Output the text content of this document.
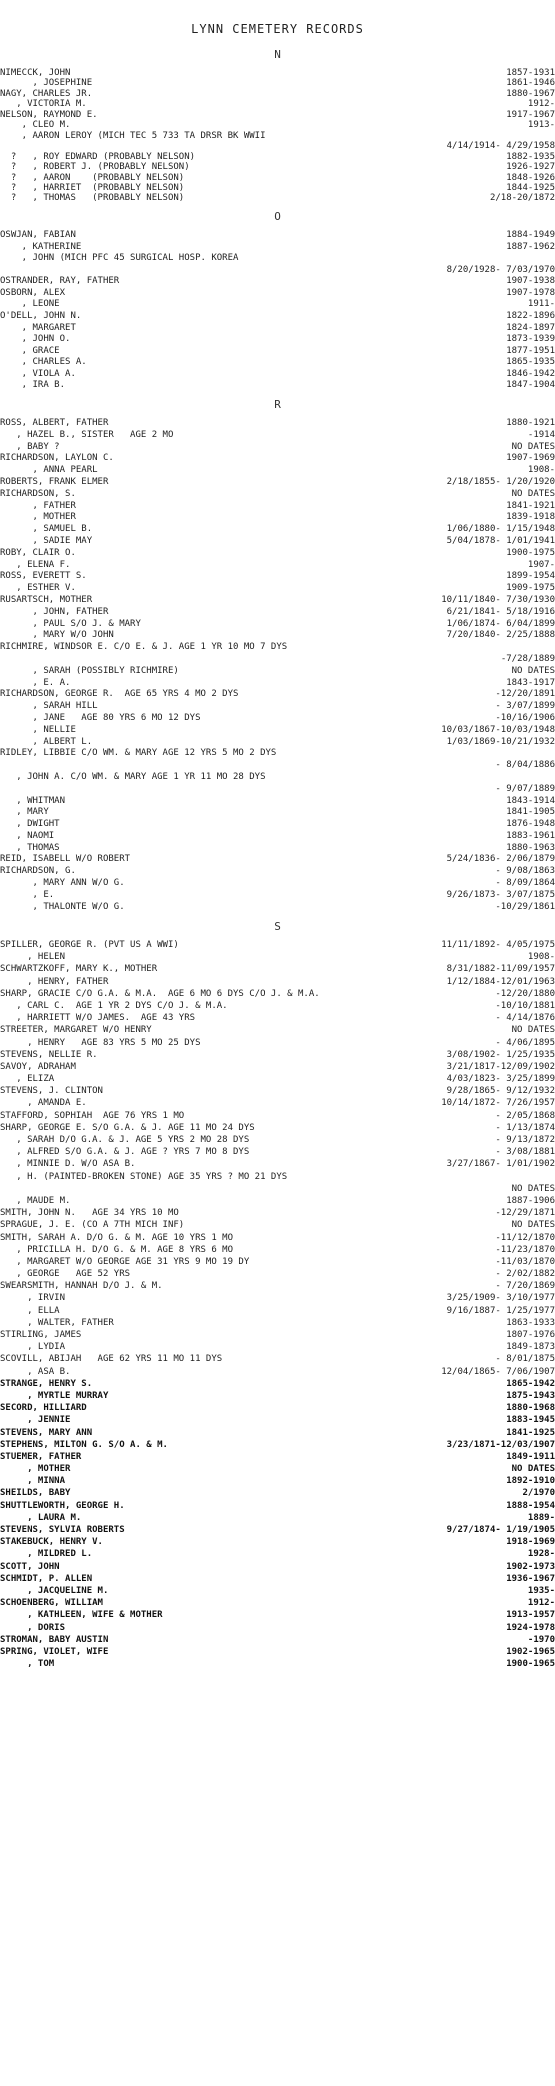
LYNN CEMETERY RECORDS
N
NIMECCK, JOHN	1857-1931
, JOSEPHINE	1861-1946
NAGY, CHARLES JR.	1880-1967
, VICTORIA M.	1912-
NELSON, RAYMOND E.	1917-1967
, CLEO M.	1913-
, AARON LEROY (MICH TEC 5 733 TA DRSR BK WWII
4/14/1914- 4/29/1958
?   , ROY EDWARD (PROBABLY NELSON)	1882-1935
?   , ROBERT J. (PROBABLY NELSON)	1926-1927
?   , AARON    (PROBABLY NELSON)	1848-1926
?   , HARRIET  (PROBABLY NELSON)	1844-1925
?   , THOMAS   (PROBABLY NELSON)	2/18-20/1872
O
OSWJAN, FABIAN	1884-1949
, KATHERINE	1887-1962
, JOHN (MICH PFC 45 SURGICAL HOSP. KOREA
8/20/1928- 7/03/1970
OSTRANDER, RAY, FATHER	1907-1938
OSBORN, ALEX	1907-1978
, LEONE	1911-
O'DELL, JOHN N.	1822-1896
, MARGARET	1824-1897
, JOHN O.	1873-1939
, GRACE	1877-1951
, CHARLES A.	1865-1935
, VIOLA A.	1846-1942
, IRA B.	1847-1904
R
ROSS, ALBERT, FATHER	1880-1921
, HAZEL B., SISTER   AGE 2 MO	-1914
, BABY ?	NO DATES
RICHARDSON, LAYLON C.	1907-1969
, ANNA PEARL	1908-
ROBERTS, FRANK ELMER	2/18/1855- 1/20/1920
RICHARDSON, S.	NO DATES
, FATHER	1841-1921
, MOTHER	1839-1918
, SAMUEL B.	1/06/1880- 1/15/1948
, SADIE MAY	5/04/1878- 1/01/1941
ROBY, CLAIR O.	1900-1975
, ELENA F.	1907-
ROSS, EVERETT S.	1899-1954
, ESTHER V.	1909-1975
RUSARTSCH, MOTHER	10/11/1840- 7/30/1930
, JOHN, FATHER	6/21/1841- 5/18/1916
, PAUL S/O J. & MARY	1/06/1874- 6/04/1899
, MARY W/O JOHN	7/20/1840- 2/25/1888
RICHMIRE, WINDSOR E. C/O E. & J. AGE 1 YR 10 MO 7 DYS
-7/28/1889
, SARAH (POSSIBLY RICHMIRE)	NO DATES
, E. A.	1843-1917
RICHARDSON, GEORGE R.  AGE 65 YRS 4 MO 2 DYS	-12/20/1891
, SARAH HILL	- 3/07/1899
, JANE   AGE 80 YRS 6 MO 12 DYS	-10/16/1906
, NELLIE	10/03/1867-10/03/1948
, ALBERT L.	1/03/1869-10/21/1932
RIDLEY, LIBBIE C/O WM. & MARY AGE 12 YRS 5 MO 2 DYS
- 8/04/1886
, JOHN A. C/O WM. & MARY AGE 1 YR 11 MO 28 DYS
- 9/07/1889
, WHITMAN	1843-1914
, MARY	1841-1905
, DWIGHT	1876-1948
, NAOMI	1883-1961
, THOMAS	1880-1963
REID, ISABELL W/O ROBERT	5/24/1836- 2/06/1879
RICHARDSON, G.	- 9/08/1863
, MARY ANN W/O G.	- 8/09/1864
, E.	9/26/1873- 3/07/1875
, THALONTE W/O G.	-10/29/1861
S
SPILLER, GEORGE R. (PVT US A WWI)	11/11/1892- 4/05/1975
, HELEN	1908-
SCHWARTZKOFF, MARY K., MOTHER	8/31/1882-11/09/1957
, HENRY, FATHER	1/12/1884-12/01/1963
SHARP, GRACIE C/O G.A. & M.A.  AGE 6 MO 6 DYS C/O J. & M.A.	-12/20/1880
, CARL C.  AGE 1 YR 2 DYS C/O J. & M.A.	-10/10/1881
, HARRIETT W/O JAMES.  AGE 43 YRS	- 4/14/1876
STREETER, MARGARET W/O HENRY	NO DATES
, HENRY   AGE 83 YRS 5 MO 25 DYS	- 4/06/1895
STEVENS, NELLIE R.	3/08/1902- 1/25/1935
SAVOY, ADRAHAM	3/21/1817-12/09/1902
, ELIZA	4/03/1823- 3/25/1899
STEVENS, J. CLINTON	9/28/1865- 9/12/1932
, AMANDA E.	10/14/1872- 7/26/1957
STAFFORD, SOPHIAH  AGE 76 YRS 1 MO	- 2/05/1868
SHARP, GEORGE E. S/O G.A. & J. AGE 11 MO 24 DYS	- 1/13/1874
, SARAH D/O G.A. & J. AGE 5 YRS 2 MO 28 DYS	- 9/13/1872
, ALFRED S/O G.A. & J. AGE ? YRS 7 MO 8 DYS	- 3/08/1881
, MINNIE D. W/O ASA B.	3/27/1867- 1/01/1902
, H. (PAINTED-BROKEN STONE) AGE 35 YRS ? MO 21 DYS
NO DATES
, MAUDE M.	1887-1906
SMITH, JOHN N.   AGE 34 YRS 10 MO	-12/29/1871
SPRAGUE, J. E. (CO A 7TH MICH INF)	NO DATES
SMITH, SARAH A. D/O G. & M. AGE 10 YRS 1 MO	-11/12/1870
, PRICILLA H. D/O G. & M. AGE 8 YRS 6 MO	-11/23/1870
, MARGARET W/O GEORGE AGE 31 YRS 9 MO 19 DY	-11/03/1870
, GEORGE   AGE 52 YRS	- 2/02/1882
SWEARSMITH, HANNAH D/O J. & M.	- 7/20/1869
, IRVIN	3/25/1909- 3/10/1977
, ELLA	9/16/1887- 1/25/1977
, WALTER, FATHER	1863-1933
STIRLING, JAMES	1807-1976
, LYDIA	1849-1873
SCOVILL, ABIJAH   AGE 62 YRS 11 MO 11 DYS	- 8/01/1875
, ASA B.	12/04/1865- 7/06/1907
STRANGE, HENRY S.	1865-1942
, MYRTLE MURRAY	1875-1943
SECORD, HILLIARD	1880-1968
, JENNIE	1883-1945
STEVENS, MARY ANN	1841-1925
STEPHENS, MILTON G. S/O A. & M.	3/23/1871-12/03/1907
STUEMER, FATHER	1849-1911
, MOTHER	NO DATES
, MINNA	1892-1910
SHEILDS, BABY	2/1970
SHUTTLEWORTH, GEORGE H.	1888-1954
, LAURA M.	1889-
STEVENS, SYLVIA ROBERTS	9/27/1874- 1/19/1905
STAKEBUCK, HENRY V.	1918-1969
, MILDRED L.	1928-
SCOTT, JOHN	1902-1973
SCHMIDT, P. ALLEN	1936-1967
, JACQUELINE M.	1935-
SCHOENBERG, WILLIAM	1912-
, KATHLEEN, WIFE & MOTHER	1913-1957
, DORIS	1924-1978
STROMAN, BABY AUSTIN	-1970
SPRING, VIOLET, WIFE	1902-1965
, TOM	1900-1965
